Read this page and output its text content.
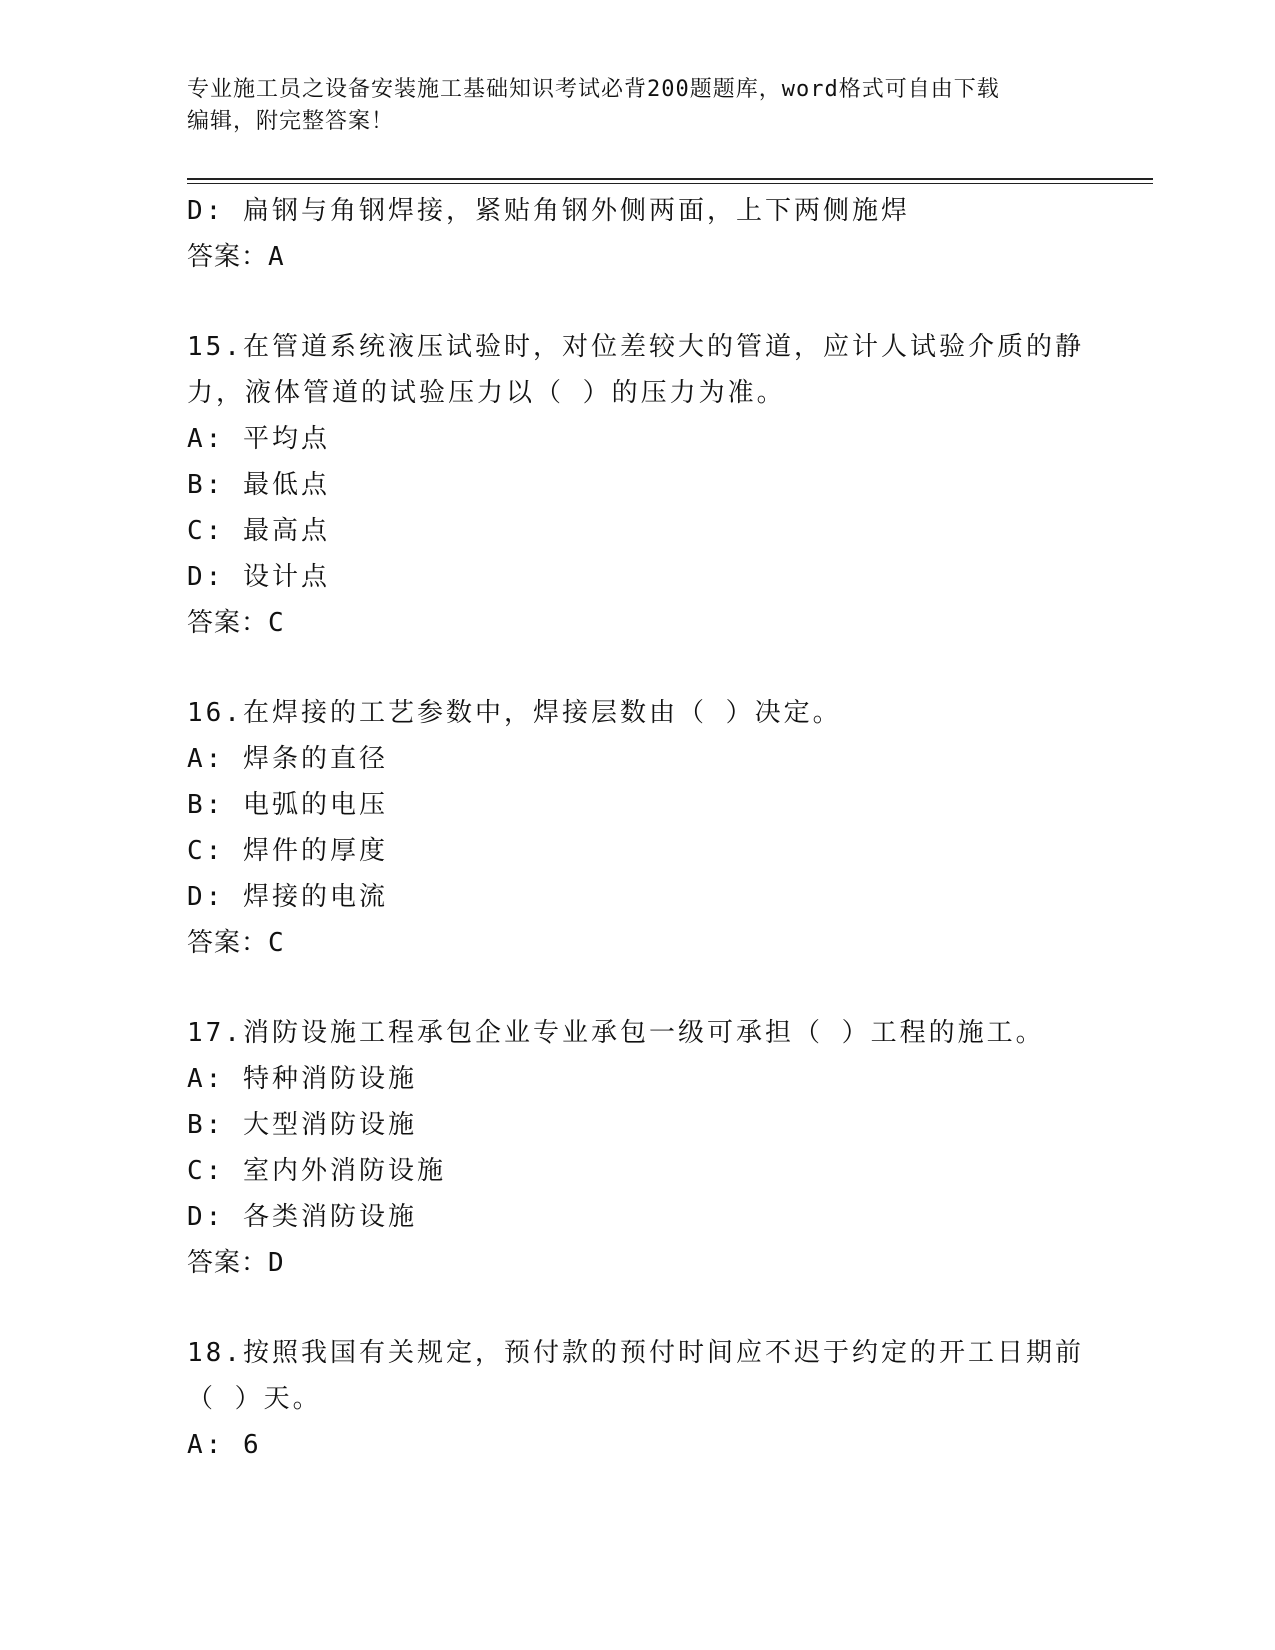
专业施工员之设备安装施工基础知识考试必背200题题库，word格式可自由下载
编辑，附完整答案！
D: 扁钢与角钢焊接，紧贴角钢外侧两面，上下两侧施焊
答案：A
15.在管道系统液压试验时，对位差较大的管道，应计人试验介质的静
力，液体管道的试验压力以（ ）的压力为准。
A: 平均点
B: 最低点
C: 最高点
D: 设计点
答案：C
16.在焊接的工艺参数中，焊接层数由（ ）决定。
A: 焊条的直径
B: 电弧的电压
C: 焊件的厚度
D: 焊接的电流
答案：C
17.消防设施工程承包企业专业承包一级可承担（ ）工程的施工。
A: 特种消防设施
B: 大型消防设施
C: 室内外消防设施
D: 各类消防设施
答案：D
18.按照我国有关规定，预付款的预付时间应不迟于约定的开工日期前
（ ）天。
A: 6
